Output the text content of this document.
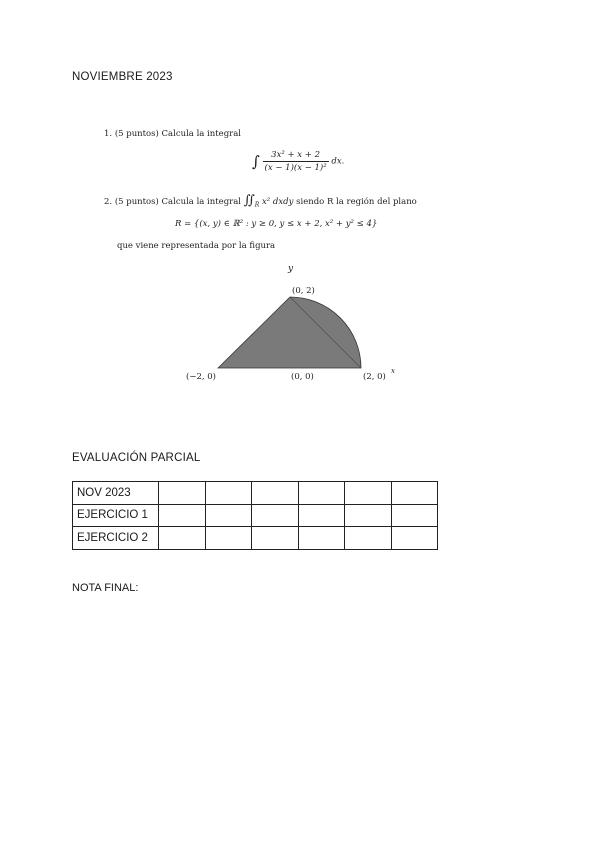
NOVIEMBRE 2023
1. (5 puntos) Calcula la integral
∫ $\frac{\text{3x² + x + 2}}{\text{(x − 1)(x − 1)²}}$ dx.
2. (5 puntos) Calcula la integral $∬_R$ x² dxdy siendo R la región del plano
R = {(x, y) ∈ ℝ² : y ≥ 0, y ≤ x + 2, x² + y² ≤ 4}
que viene representada por la figura
y
x
(0, 2)
(−2, 0)	(0, 0)	(2, 0)
EVALUACIÓN PARCIAL
NOV 2023						
EJERCICIO 1						
EJERCICIO 2						
NOTA FINAL:
